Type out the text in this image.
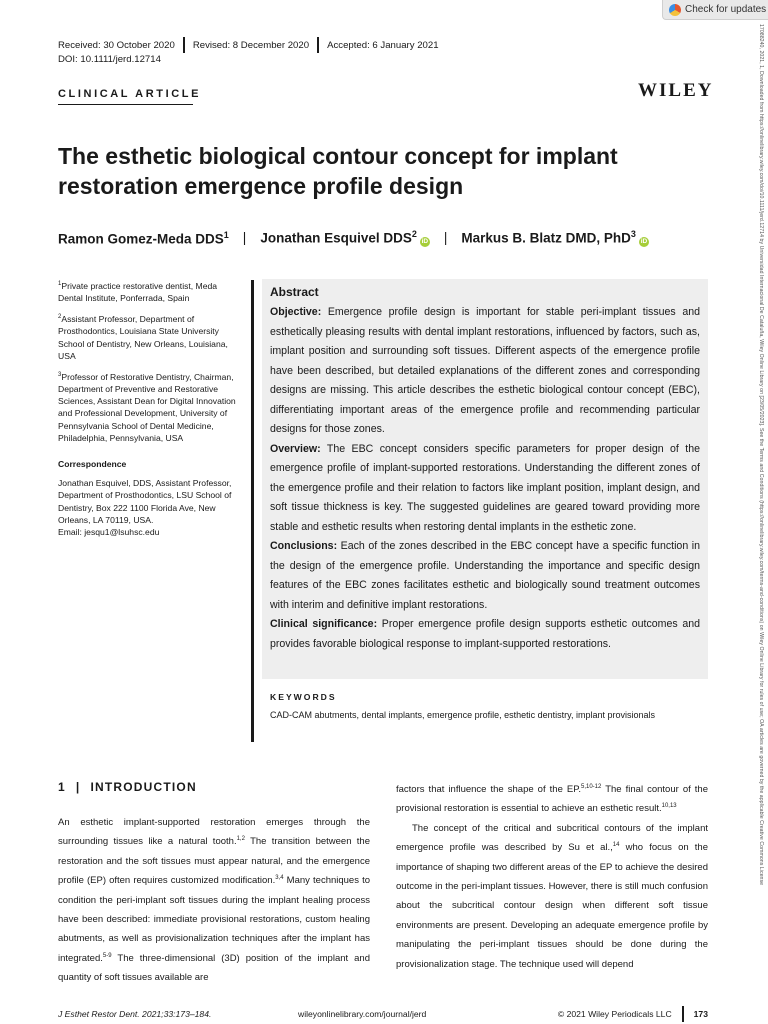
Check for updates
17088240, 2021, 1, Downloaded from https://onlinelibrary.wiley.com/doi/10.1111/jerd.12714 by Universidad Internacional De Cataluña, Wiley Online Library on [23/05/2023]. See the Terms and Conditions (https://onlinelibrary.wiley.com/terms-and-conditions) on Wiley Online Library for rules of use; OA articles are governed by the applicable Creative Commons License
Received: 30 October 2020 Revised: 8 December 2020 Accepted: 6 January 2021
DOI: 10.1111/jerd.12714
WILEY
CLINICAL ARTICLE
The esthetic biological contour concept for implant restoration emergence profile design
Ramon Gomez-Meda DDS$^1$ | Jonathan Esquivel DDS$^2$iD | Markus B. Blatz DMD, PhD$^3$iD

$^1$Private practice restorative dentist, Meda Dental Institute, Ponferrada, Spain

$^2$Assistant Professor, Department of Prosthodontics, Louisiana State University School of Dentistry, New Orleans, Louisiana, USA

$^3$Professor of Restorative Dentistry, Chairman, Department of Preventive and Restorative Sciences, Assistant Dean for Digital Innovation and Professional Development, University of Pennsylvania School of Dental Medicine, Philadelphia, Pennsylvania, USA

Correspondence

Jonathan Esquivel, DDS, Assistant Professor, Department of Prosthodontics, LSU School of Dentistry, Box 222 1100 Florida Ave, New Orleans, LA 70119, USA.
Email: jesqu1@lsuhsc.edu

Abstract

Objective: Emergence profile design is important for stable peri-implant tissues and esthetically pleasing results with dental implant restorations, influenced by factors, such as, implant position and surrounding soft tissues. Different aspects of the emergence profile have been described, but detailed explanations of the different zones and corresponding designs are missing. This article describes the esthetic biological contour concept (EBC), differentiating important areas of the emergence profile and recommending particular designs for those zones.

Overview: The EBC concept considers specific parameters for proper design of the emergence profile of implant-supported restorations. Understanding the different zones of the emergence profile and their relation to factors like implant position, implant design, and soft tissue thickness is key. The suggested guidelines are geared toward providing more stable and esthetic results when restoring dental implants in the esthetic zone.

Conclusions: Each of the zones described in the EBC concept have a specific function in the design of the emergence profile. Understanding the importance and specific design features of the EBC zones facilitates esthetic and biologically sound treatment outcomes with interim and definitive implant restorations.

Clinical significance: Proper emergence profile design supports esthetic outcomes and provides favorable biological response to implant-supported restorations.

KEYWORDS
CAD-CAM abutments, dental implants, emergence profile, esthetic dentistry, implant provisionals
1 | INTRODUCTION
An esthetic implant-supported restoration emerges through the surrounding tissues like a natural tooth.$^{1,2}$ The transition between the restoration and the soft tissues must appear natural, and the emergence profile (EP) often requires customized modification.$^{3,4}$ Many techniques to condition the peri-implant soft tissues during the implant healing process have been described: immediate provisional restorations, custom healing abutments, as well as provisionalization techniques after the implant has integrated.$^{5-9}$ The three-dimensional (3D) position of the implant and quantity of soft tissues available are

factors that influence the shape of the EP.$^{5,10-12}$ The final contour of the provisional restoration is essential to achieve an esthetic result.$^{10,13}$

The concept of the critical and subcritical contours of the implant emergence profile was described by Su et al.,$^{14}$ who focus on the importance of shaping two different areas of the EP to achieve the desired outcome in the peri-implant tissues. However, there is still much confusion about the subcritical contour design when different soft tissue environments are present. Developing an adequate emergence profile by manipulating the peri-implant tissues should be done during the provisionalization stage. The technique used will depend

J Esthet Restor Dent. 2021;33:173–184.	wileyonlinelibrary.com/journal/jerd	© 2021 Wiley Periodicals LLC	173
